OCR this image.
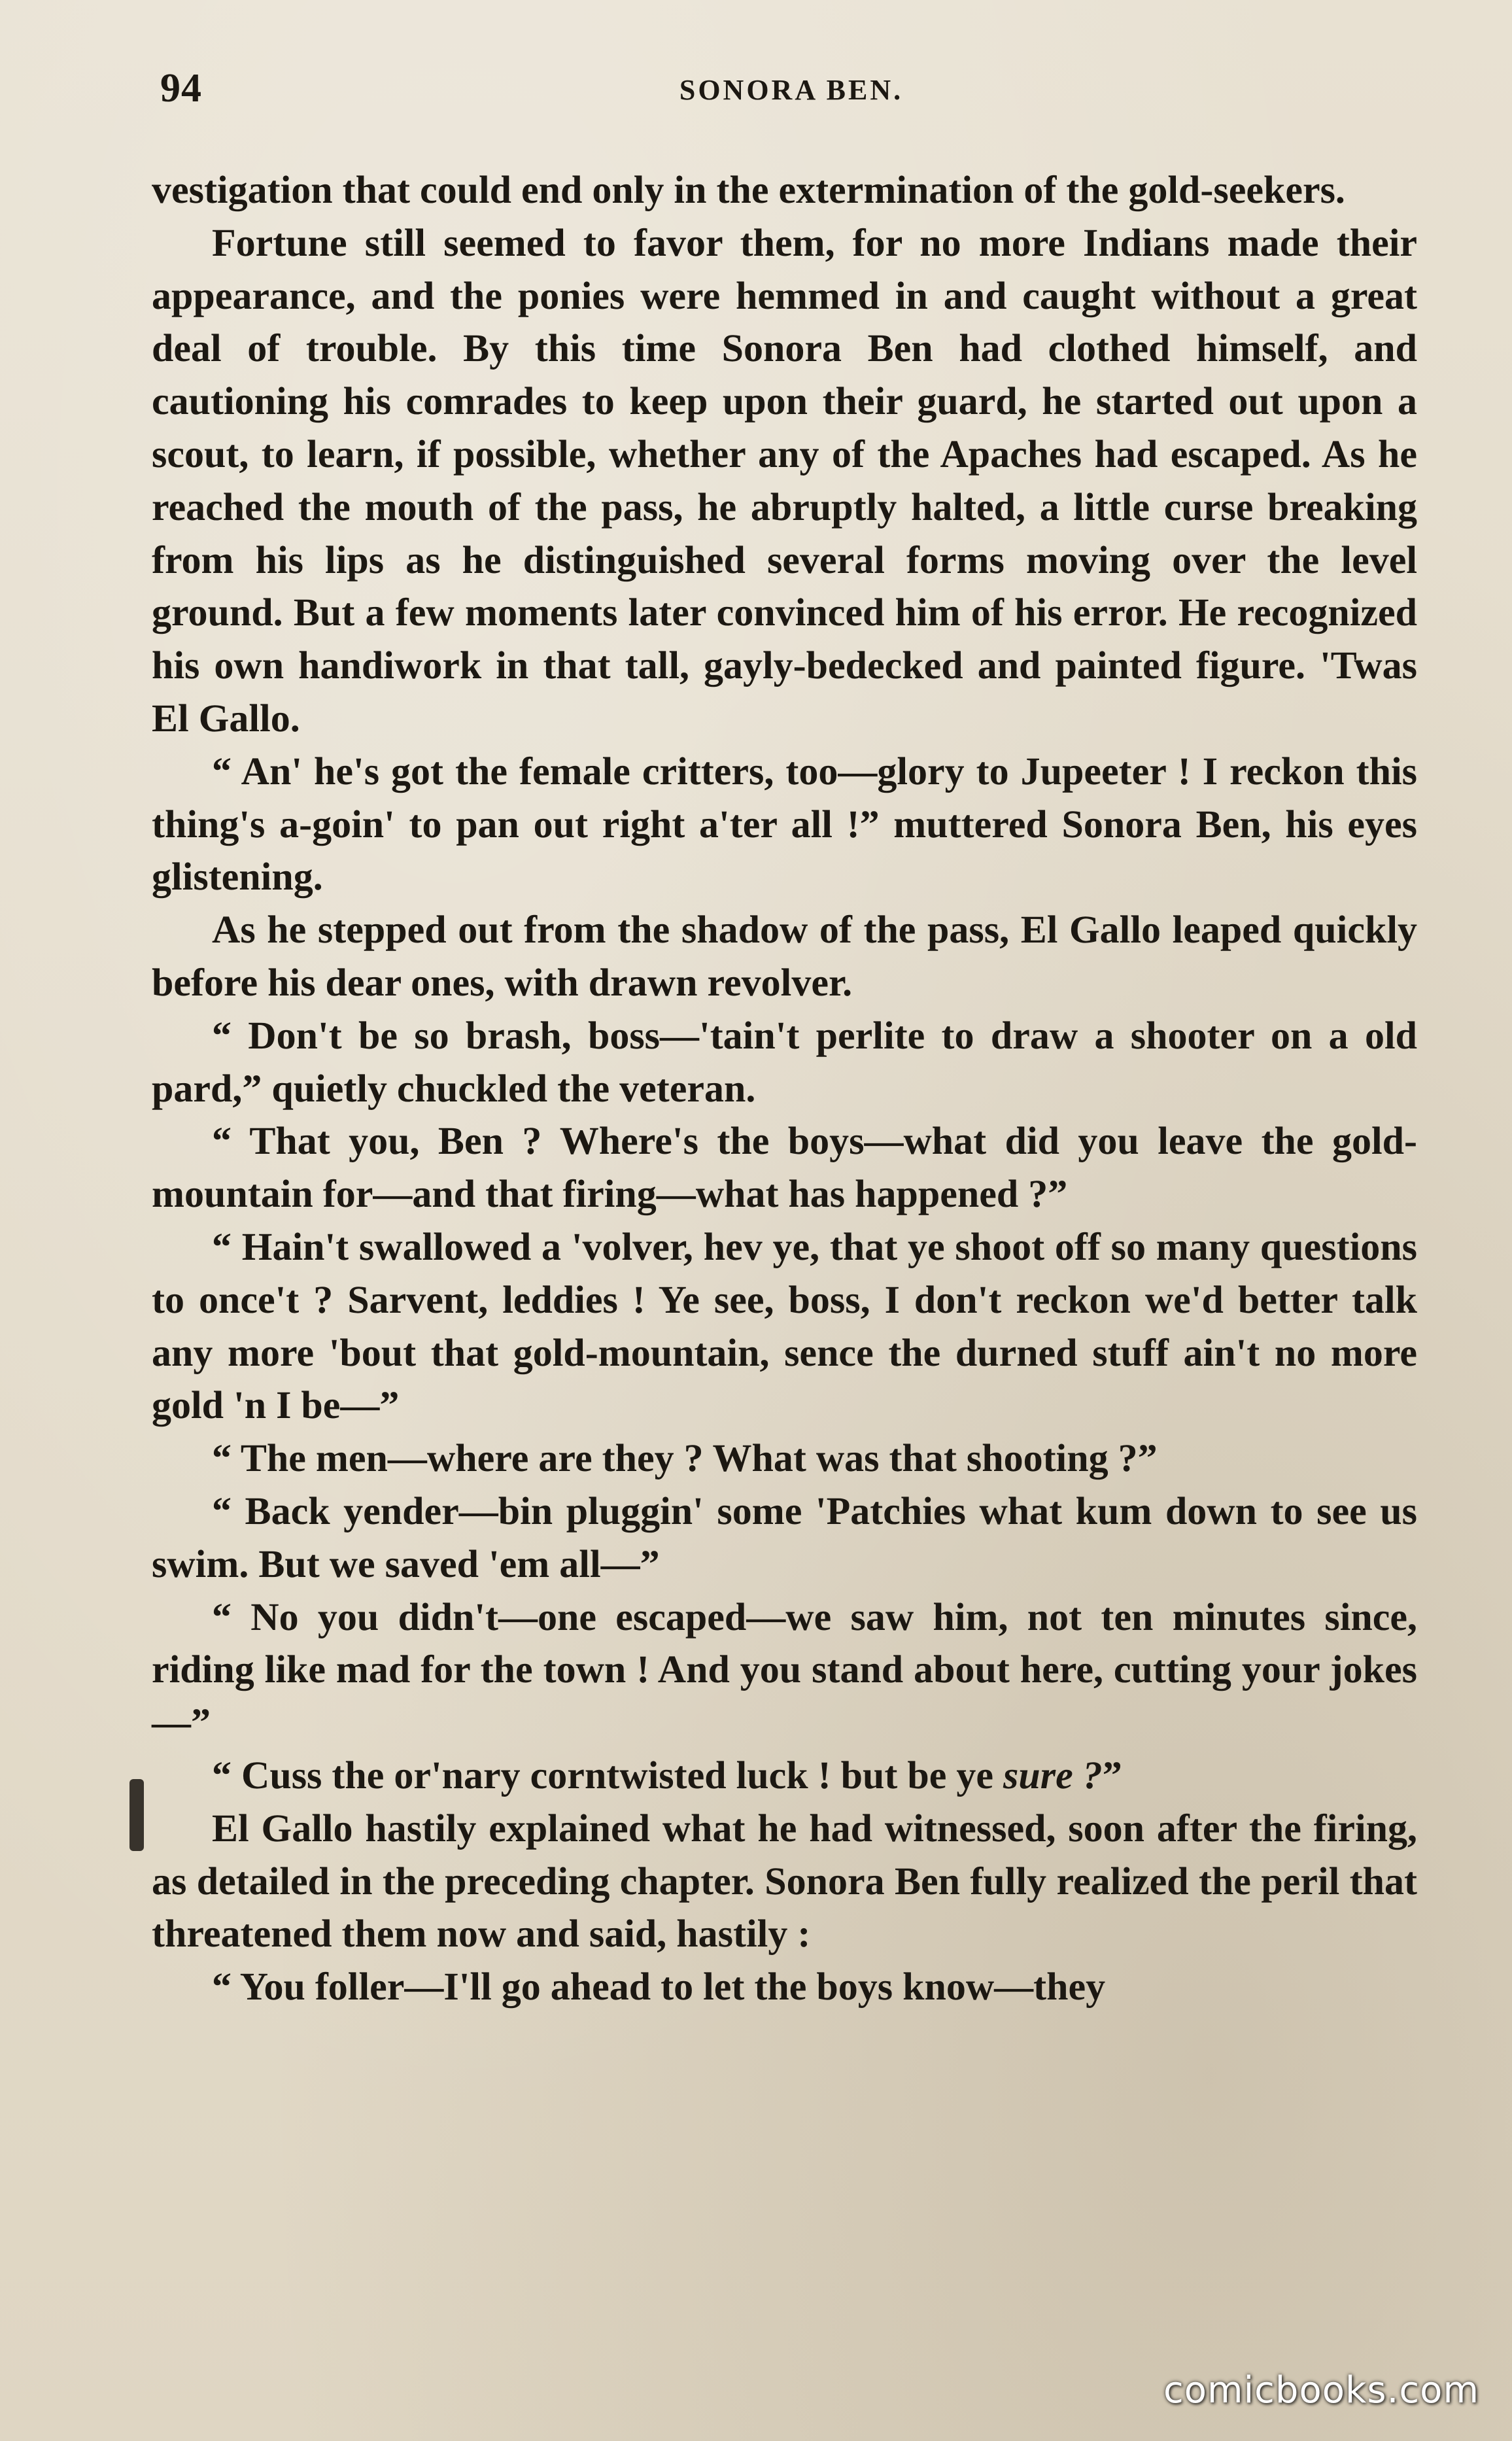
94	SONORA BEN.

vestigation that could end only in the extermination of the gold-seekers.

Fortune still seemed to favor them, for no more Indians made their appearance, and the ponies were hemmed in and caught without a great deal of trouble. By this time Sonora Ben had clothed himself, and cautioning his comrades to keep upon their guard, he started out upon a scout, to learn, if possible, whether any of the Apaches had escaped. As he reached the mouth of the pass, he abruptly halted, a little curse breaking from his lips as he distinguished several forms moving over the level ground. But a few moments later convinced him of his error. He recognized his own handiwork in that tall, gayly-bedecked and painted figure. 'Twas El Gallo.

“ An' he's got the female critters, too—glory to Jupeeter ! I reckon this thing's a-goin' to pan out right a'ter all !” muttered Sonora Ben, his eyes glistening.

As he stepped out from the shadow of the pass, El Gallo leaped quickly before his dear ones, with drawn revolver.

“ Don't be so brash, boss—'tain't perlite to draw a shooter on a old pard,” quietly chuckled the veteran.

“ That you, Ben ? Where's the boys—what did you leave the gold-mountain for—and that firing—what has happened ?”

“ Hain't swallowed a 'volver, hev ye, that ye shoot off so many questions to once't ? Sarvent, leddies ! Ye see, boss, I don't reckon we'd better talk any more 'bout that gold-mountain, sence the durned stuff ain't no more gold 'n I be—”

“ The men—where are they ? What was that shooting ?”

“ Back yender—bin pluggin' some 'Patchies what kum down to see us swim. But we saved 'em all—”

“ No you didn't—one escaped—we saw him, not ten minutes since, riding like mad for the town ! And you stand about here, cutting your jokes—”

“ Cuss the or'nary corntwisted luck ! but be ye sure ?”

El Gallo hastily explained what he had witnessed, soon after the firing, as detailed in the preceding chapter. Sonora Ben fully realized the peril that threatened them now and said, hastily :

“ You foller—I'll go ahead to let the boys know—they

comicbooks.com
